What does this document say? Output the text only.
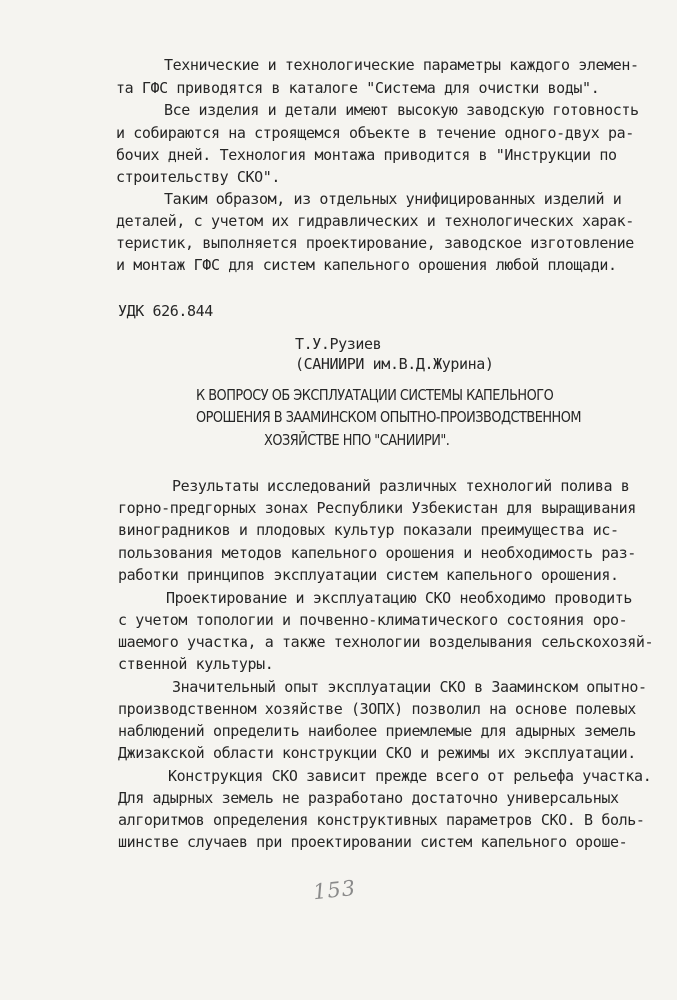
Технические и технологические параметры каждого элемен-
та ГФС приводятся в каталоге "Система для очистки воды".
Все изделия и детали имеют высокую заводскую готовность
и собираются на строящемся объекте в течение одного-двух ра-
бочих дней. Технология монтажа приводится в "Инструкции по
строительству СКО".
Таким образом, из отдельных унифицированных изделий и
деталей, с учетом их гидравлических и технологических харак-
теристик, выполняется проектирование, заводское изготовление
и монтаж ГФС для систем капельного орошения любой площади.
УДК 626.844
Т.У.Рузиев
(САНИИРИ им.В.Д.Журина)
К ВОПРОСУ ОБ ЭКСПЛУАТАЦИИ СИСТЕМЫ КАПЕЛЬНОГО
ОРОШЕНИЯ В ЗААМИНСКОМ ОПЫТНО-ПРОИЗВОДСТВЕННОМ
ХОЗЯЙСТВЕ НПО "САНИИРИ".
Результаты исследований различных технологий полива в
горно-предгорных зонах Республики Узбекистан для выращивания
виноградников и плодовых культур показали преимущества ис-
пользования методов капельного орошения и необходимость раз-
работки принципов эксплуатации систем капельного орошения.
Проектирование и эксплуатацию СКО необходимо проводить
с учетом топологии и почвенно-климатического состояния оро-
шаемого участка, а также технологии возделывания сельскохозяй-
ственной культуры.
Значительный опыт эксплуатации СКО в Зааминском опытно-
производственном хозяйстве (ЗОПХ) позволил на основе полевых
наблюдений определить наиболее приемлемые для адырных земель
Джизакской области конструкции СКО и режимы их эксплуатации.
Конструкция СКО зависит прежде всего от рельефа участка.
Для адырных земель не разработано достаточно универсальных
алгоритмов определения конструктивных параметров СКО. В боль-
шинстве случаев при проектировании систем капельного ороше-
153
